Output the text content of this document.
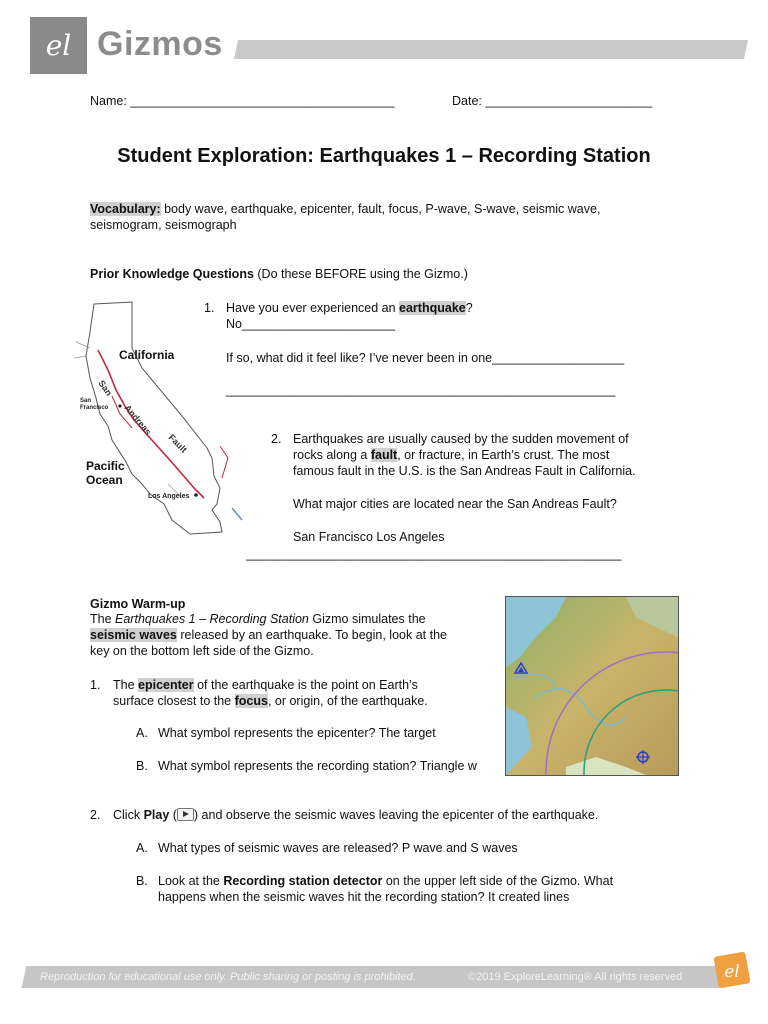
el Gizmos
Name: ______________________________________	Date: ________________________
Student Exploration: Earthquakes 1 – Recording Station
Vocabulary: body wave, earthquake, epicenter, fault, focus, P-wave, S-wave, seismic wave,
seismogram, seismograph
Prior Knowledge Questions (Do these BEFORE using the Gizmo.)
California
San
Andreas
Fault
San
Francisco
Pacific
Ocean
Los Angeles
1. Have you ever experienced an earthquake?
No______________________
If so, what did it feel like? I’ve never been in one___________________
________________________________________________________
2. Earthquakes are usually caused by the sudden movement of
rocks along a fault, or fracture, in Earth’s crust. The most
famous fault in the U.S. is the San Andreas Fault in California.
What major cities are located near the San Andreas Fault?
San Francisco Los Angeles
______________________________________________________
Gizmo Warm-up
The Earthquakes 1 – Recording Station Gizmo simulates the
seismic waves released by an earthquake. To begin, look at the
key on the bottom left side of the Gizmo.
1. The epicenter of the earthquake is the point on Earth’s
surface closest to the focus, or origin, of the earthquake.
A. What symbol represents the epicenter? The target
B. What symbol represents the recording station? Triangle w
2. Click Play ( ) and observe the seismic waves leaving the epicenter of the earthquake.
A. What types of seismic waves are released? P wave and S waves
B. Look at the Recording station detector on the upper left side of the Gizmo. What
happens when the seismic waves hit the recording station? It created lines
Reproduction for educational use only. Public sharing or posting is prohibited.	©2019 ExploreLearning® All rights reserved el
